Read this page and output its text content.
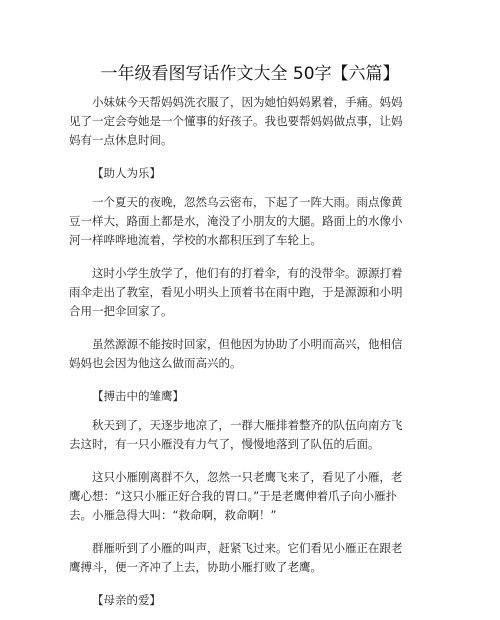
一年级看图写话作文大全 50字【六篇】

小妹妹今天帮妈妈洗衣服了，因为她怕妈妈累着，手痛。妈妈见了一定会夸她是一个懂事的好孩子。我也要帮妈妈做点事，让妈妈有一点休息时间。

【助人为乐】

一个夏天的夜晚，忽然乌云密布，下起了一阵大雨。雨点像黄豆一样大，路面上都是水，淹没了小朋友的大腿。路面上的水像小河一样哗哗地流着，学校的水都积压到了车轮上。

这时小学生放学了，他们有的打着伞，有的没带伞。源源打着雨伞走出了教室，看见小明头上顶着书在雨中跑，于是源源和小明合用一把伞回家了。

虽然源源不能按时回家，但他因为协助了小明而高兴，他相信妈妈也会因为他这么做而高兴的。

【搏击中的雏鹰】

秋天到了，天逐步地凉了，一群大雁排着整齐的队伍向南方飞去这时，有一只小雁没有力气了，慢慢地落到了队伍的后面。

这只小雁刚离群不久，忽然一只老鹰飞来了，看见了小雁，老鹰心想：“这只小雁正好合我的胃口。”于是老鹰伸着爪子向小雁扑去。小雁急得大叫：“救命啊，救命啊！”

群雁听到了小雁的叫声，赶紧飞过来。它们看见小雁正在跟老鹰搏斗，便一齐冲了上去，协助小雁打败了老鹰。

【母亲的爱】
